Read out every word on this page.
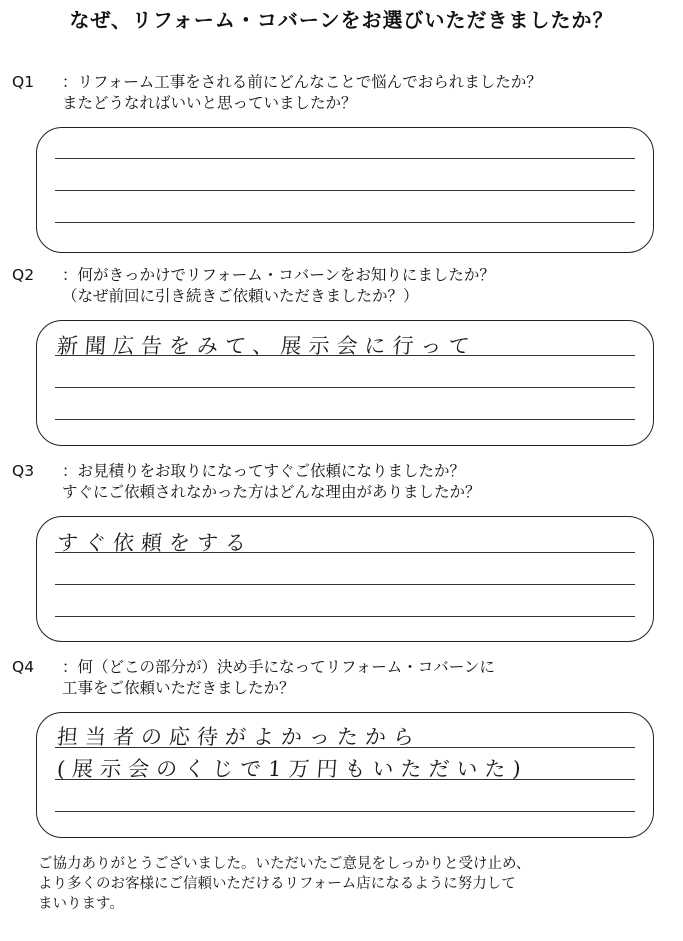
なぜ、リフォーム・コバーンをお選びいただきましたか？
Q1 ：リフォーム工事をされる前にどんなことで悩んでおられましたか？
またどうなればいいと思っていましたか？
Q2 ：何がきっかけでリフォーム・コバーンをお知りにましたか？
（なぜ前回に引き続きご依頼いただきましたか？）
新聞広告をみて、展示会に行って
Q3 ：お見積りをお取りになってすぐご依頼になりましたか？
すぐにご依頼されなかった方はどんな理由がありましたか？
すぐ依頼をする
Q4 ：何（どこの部分が）決め手になってリフォーム・コバーンに
工事をご依頼いただきましたか？
担当者の応待がよかったから
(展示会のくじで1万円もいただいた)
ご協力ありがとうございました。いただいたご意見をしっかりと受け止め、
より多くのお客様にご信頼いただけるリフォーム店になるように努力して
まいります。
